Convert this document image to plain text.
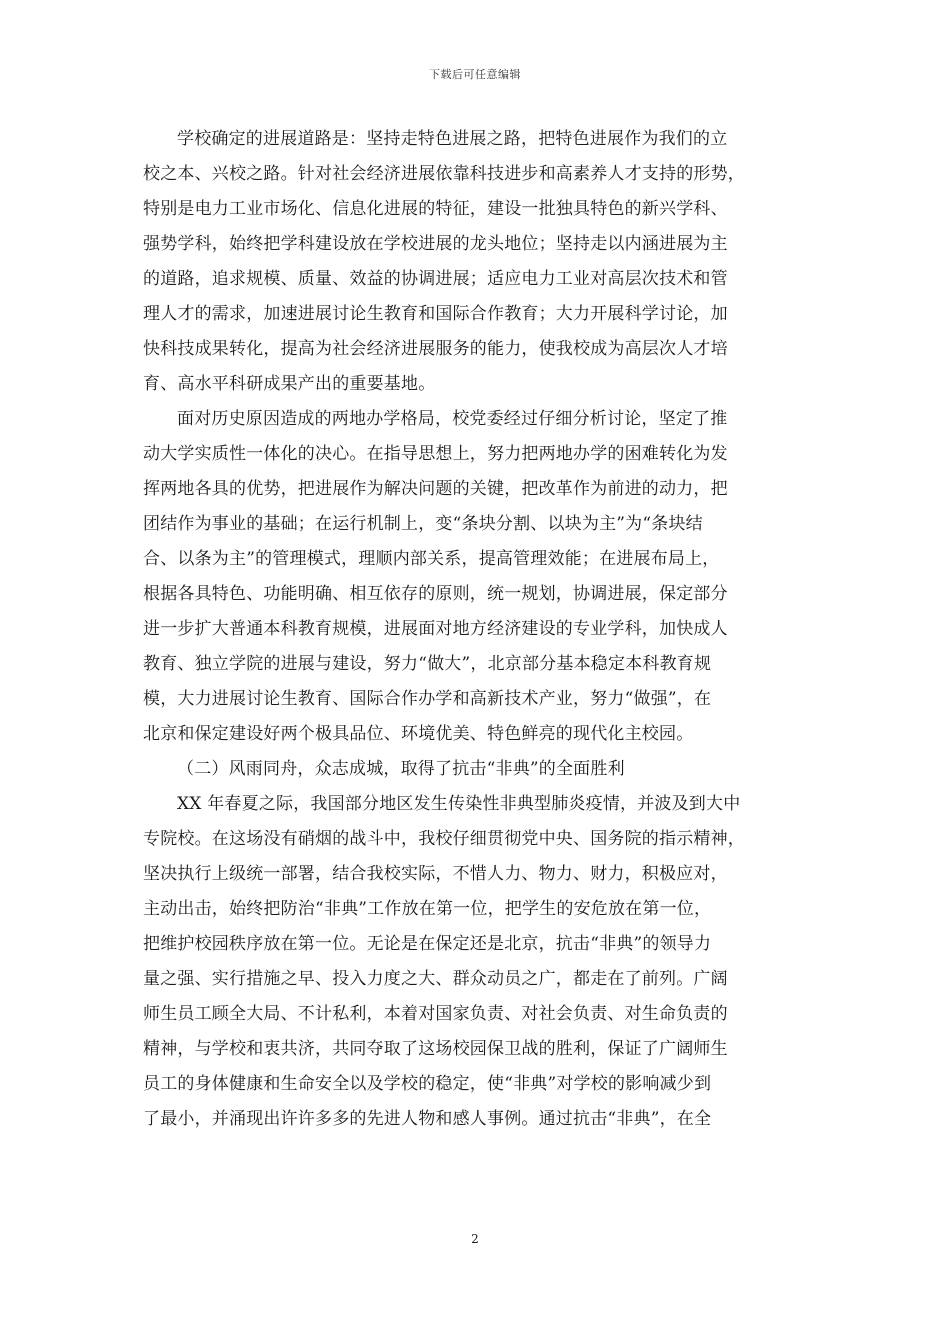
下载后可任意编辑
学校确定的进展道路是：坚持走特色进展之路，把特色进展作为我们的立
校之本、兴校之路。针对社会经济进展依靠科技进步和高素养人才支持的形势，
特别是电力工业市场化、信息化进展的特征，建设一批独具特色的新兴学科、
强势学科，始终把学科建设放在学校进展的龙头地位；坚持走以内涵进展为主
的道路，追求规模、质量、效益的协调进展；适应电力工业对高层次技术和管
理人才的需求，加速进展讨论生教育和国际合作教育；大力开展科学讨论，加
快科技成果转化，提高为社会经济进展服务的能力，使我校成为高层次人才培
育、高水平科研成果产出的重要基地。
面对历史原因造成的两地办学格局，校党委经过仔细分析讨论，坚定了推
动大学实质性一体化的决心。在指导思想上，努力把两地办学的困难转化为发
挥两地各具的优势，把进展作为解决问题的关键，把改革作为前进的动力，把
团结作为事业的基础；在运行机制上，变“条块分割、以块为主”为“条块结
合、以条为主”的管理模式，理顺内部关系，提高管理效能；在进展布局上，
根据各具特色、功能明确、相互依存的原则，统一规划，协调进展，保定部分
进一步扩大普通本科教育规模，进展面对地方经济建设的专业学科，加快成人
教育、独立学院的进展与建设，努力“做大”，北京部分基本稳定本科教育规
模，大力进展讨论生教育、国际合作办学和高新技术产业，努力“做强”，在
北京和保定建设好两个极具品位、环境优美、特色鲜亮的现代化主校园。
（二）风雨同舟，众志成城，取得了抗击“非典”的全面胜利
XX 年春夏之际，我国部分地区发生传染性非典型肺炎疫情，并波及到大中
专院校。在这场没有硝烟的战斗中，我校仔细贯彻党中央、国务院的指示精神，
坚决执行上级统一部署，结合我校实际，不惜人力、物力、财力，积极应对，
主动出击，始终把防治“非典”工作放在第一位，把学生的安危放在第一位，
把维护校园秩序放在第一位。无论是在保定还是北京，抗击“非典”的领导力
量之强、实行措施之早、投入力度之大、群众动员之广，都走在了前列。广阔
师生员工顾全大局、不计私利，本着对国家负责、对社会负责、对生命负责的
精神，与学校和衷共济，共同夺取了这场校园保卫战的胜利，保证了广阔师生
员工的身体健康和生命安全以及学校的稳定，使“非典”对学校的影响减少到
了最小，并涌现出许许多多的先进人物和感人事例。通过抗击“非典”，在全
2
